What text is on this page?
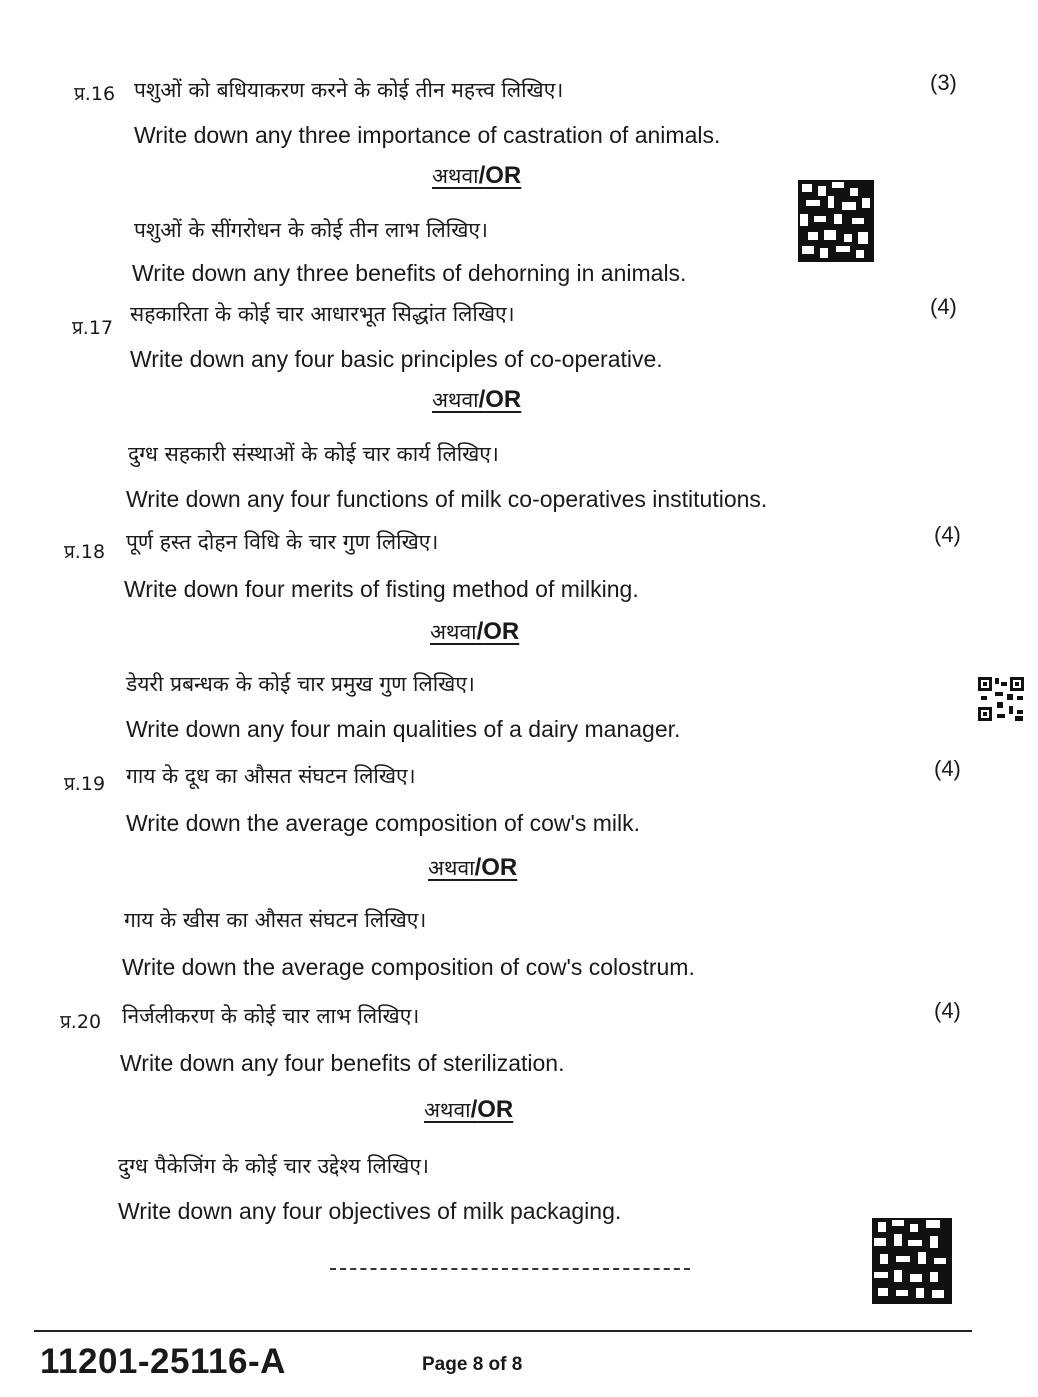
प्र.16 पशुओं को बधियाकरण करने के कोई तीन महत्त्व लिखिए।	(3)
Write down any three importance of castration of animals.
अथवा/OR
पशुओं के सींगरोधन के कोई तीन लाभ लिखिए।
Write down any three benefits of dehorning in animals.
प्र.17
सहकारिता के कोई चार आधारभूत सिद्धांत लिखिए।	(4)
Write down any four basic principles of co-operative.
अथवा/OR
दुग्ध सहकारी संस्थाओं के कोई चार कार्य लिखिए।
Write down any four functions of milk co-operatives institutions.
प्र.18 पूर्ण हस्त दोहन विधि के चार गुण लिखिए।	(4)
Write down four merits of fisting method of milking.
अथवा/OR
डेयरी प्रबन्धक के कोई चार प्रमुख गुण लिखिए।
Write down any four main qualities of a dairy manager.
प्र.19 गाय के दूध का औसत संघटन लिखिए।	(4)
Write down the average composition of cow's milk.
अथवा/OR
गाय के खीस का औसत संघटन लिखिए।
Write down the average composition of cow's colostrum.
प्र.20 निर्जलीकरण के कोई चार लाभ लिखिए।	(4)
Write down any four benefits of sterilization.
अथवा/OR
दुग्ध पैकेजिंग के कोई चार उद्देश्य लिखिए।
Write down any four objectives of milk packaging.
11201-25116-A	Page 8 of 8
